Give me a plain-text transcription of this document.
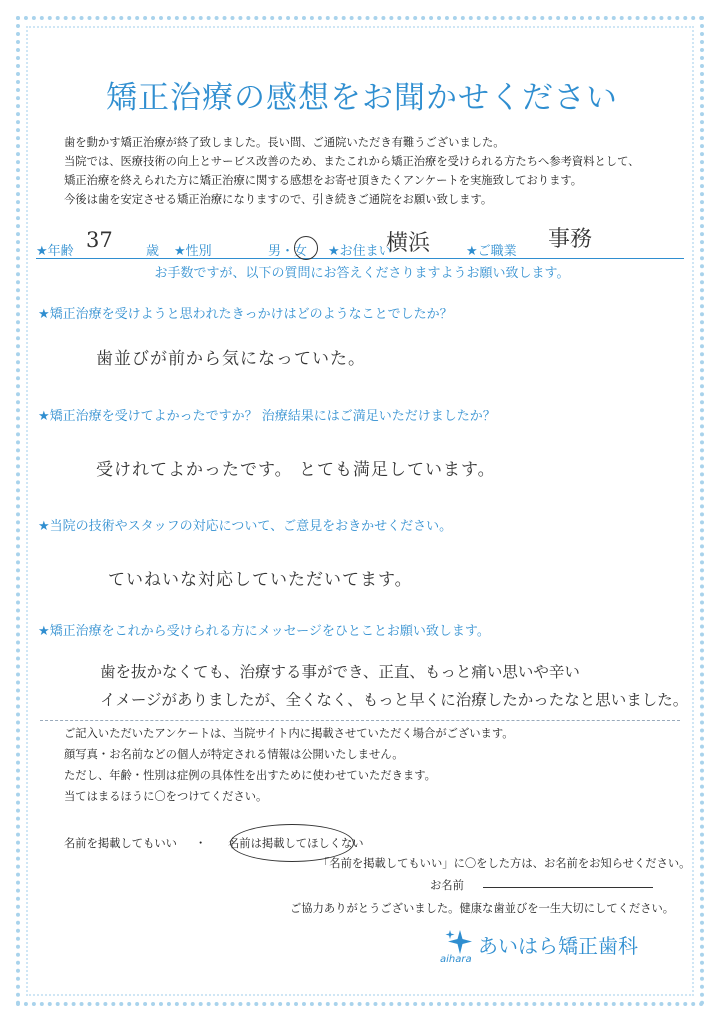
矯正治療の感想をお聞かせください
歯を動かす矯正治療が終了致しました。長い間、ご通院いただき有難うございました。
当院では、医療技術の向上とサービス改善のため、またこれから矯正治療を受けられる方たちへ参考資料として、
矯正治療を終えられた方に矯正治療に関する感想をお寄せ頂きたくアンケートを実施致しております。
今後は歯を安定させる矯正治療になりますので、引き続きご通院をお願い致します。
★年齢 37	歳 ★性別	男・女 ★お住まい
横浜	★ご職業 事務
お手数ですが、以下の質問にお答えくださりますようお願い致します。
★矯正治療を受けようと思われたきっかけはどのようなことでしたか？
歯並びが前から気になっていた。
★矯正治療を受けてよかったですか？ 治療結果にはご満足いただけましたか？
受けれてよかったです。 とても満足しています。
★当院の技術やスタッフの対応について、ご意見をおきかせください。
ていねいな対応していただいてます。
★矯正治療をこれから受けられる方にメッセージをひとことお願い致します。
歯を抜かなくても、治療する事ができ、正直、もっと痛い思いや辛い
イメージがありましたが、全くなく、もっと早くに治療したかったなと思いました。
ご記入いただいたアンケートは、当院サイト内に掲載させていただく場合がございます。
顔写真・お名前などの個人が特定される情報は公開いたしません。
ただし、年齢・性別は症例の具体性を出すために使わせていただきます。
当てはまるほうに〇をつけてください。
名前を掲載してもいい ・ 名前は掲載してほしくない
「名前を掲載してもいい」に〇をした方は、お名前をお知らせください。
お名前
ご協力ありがとうございました。健康な歯並びを一生大切にしてください。
あいはら矯正歯科
aihara
